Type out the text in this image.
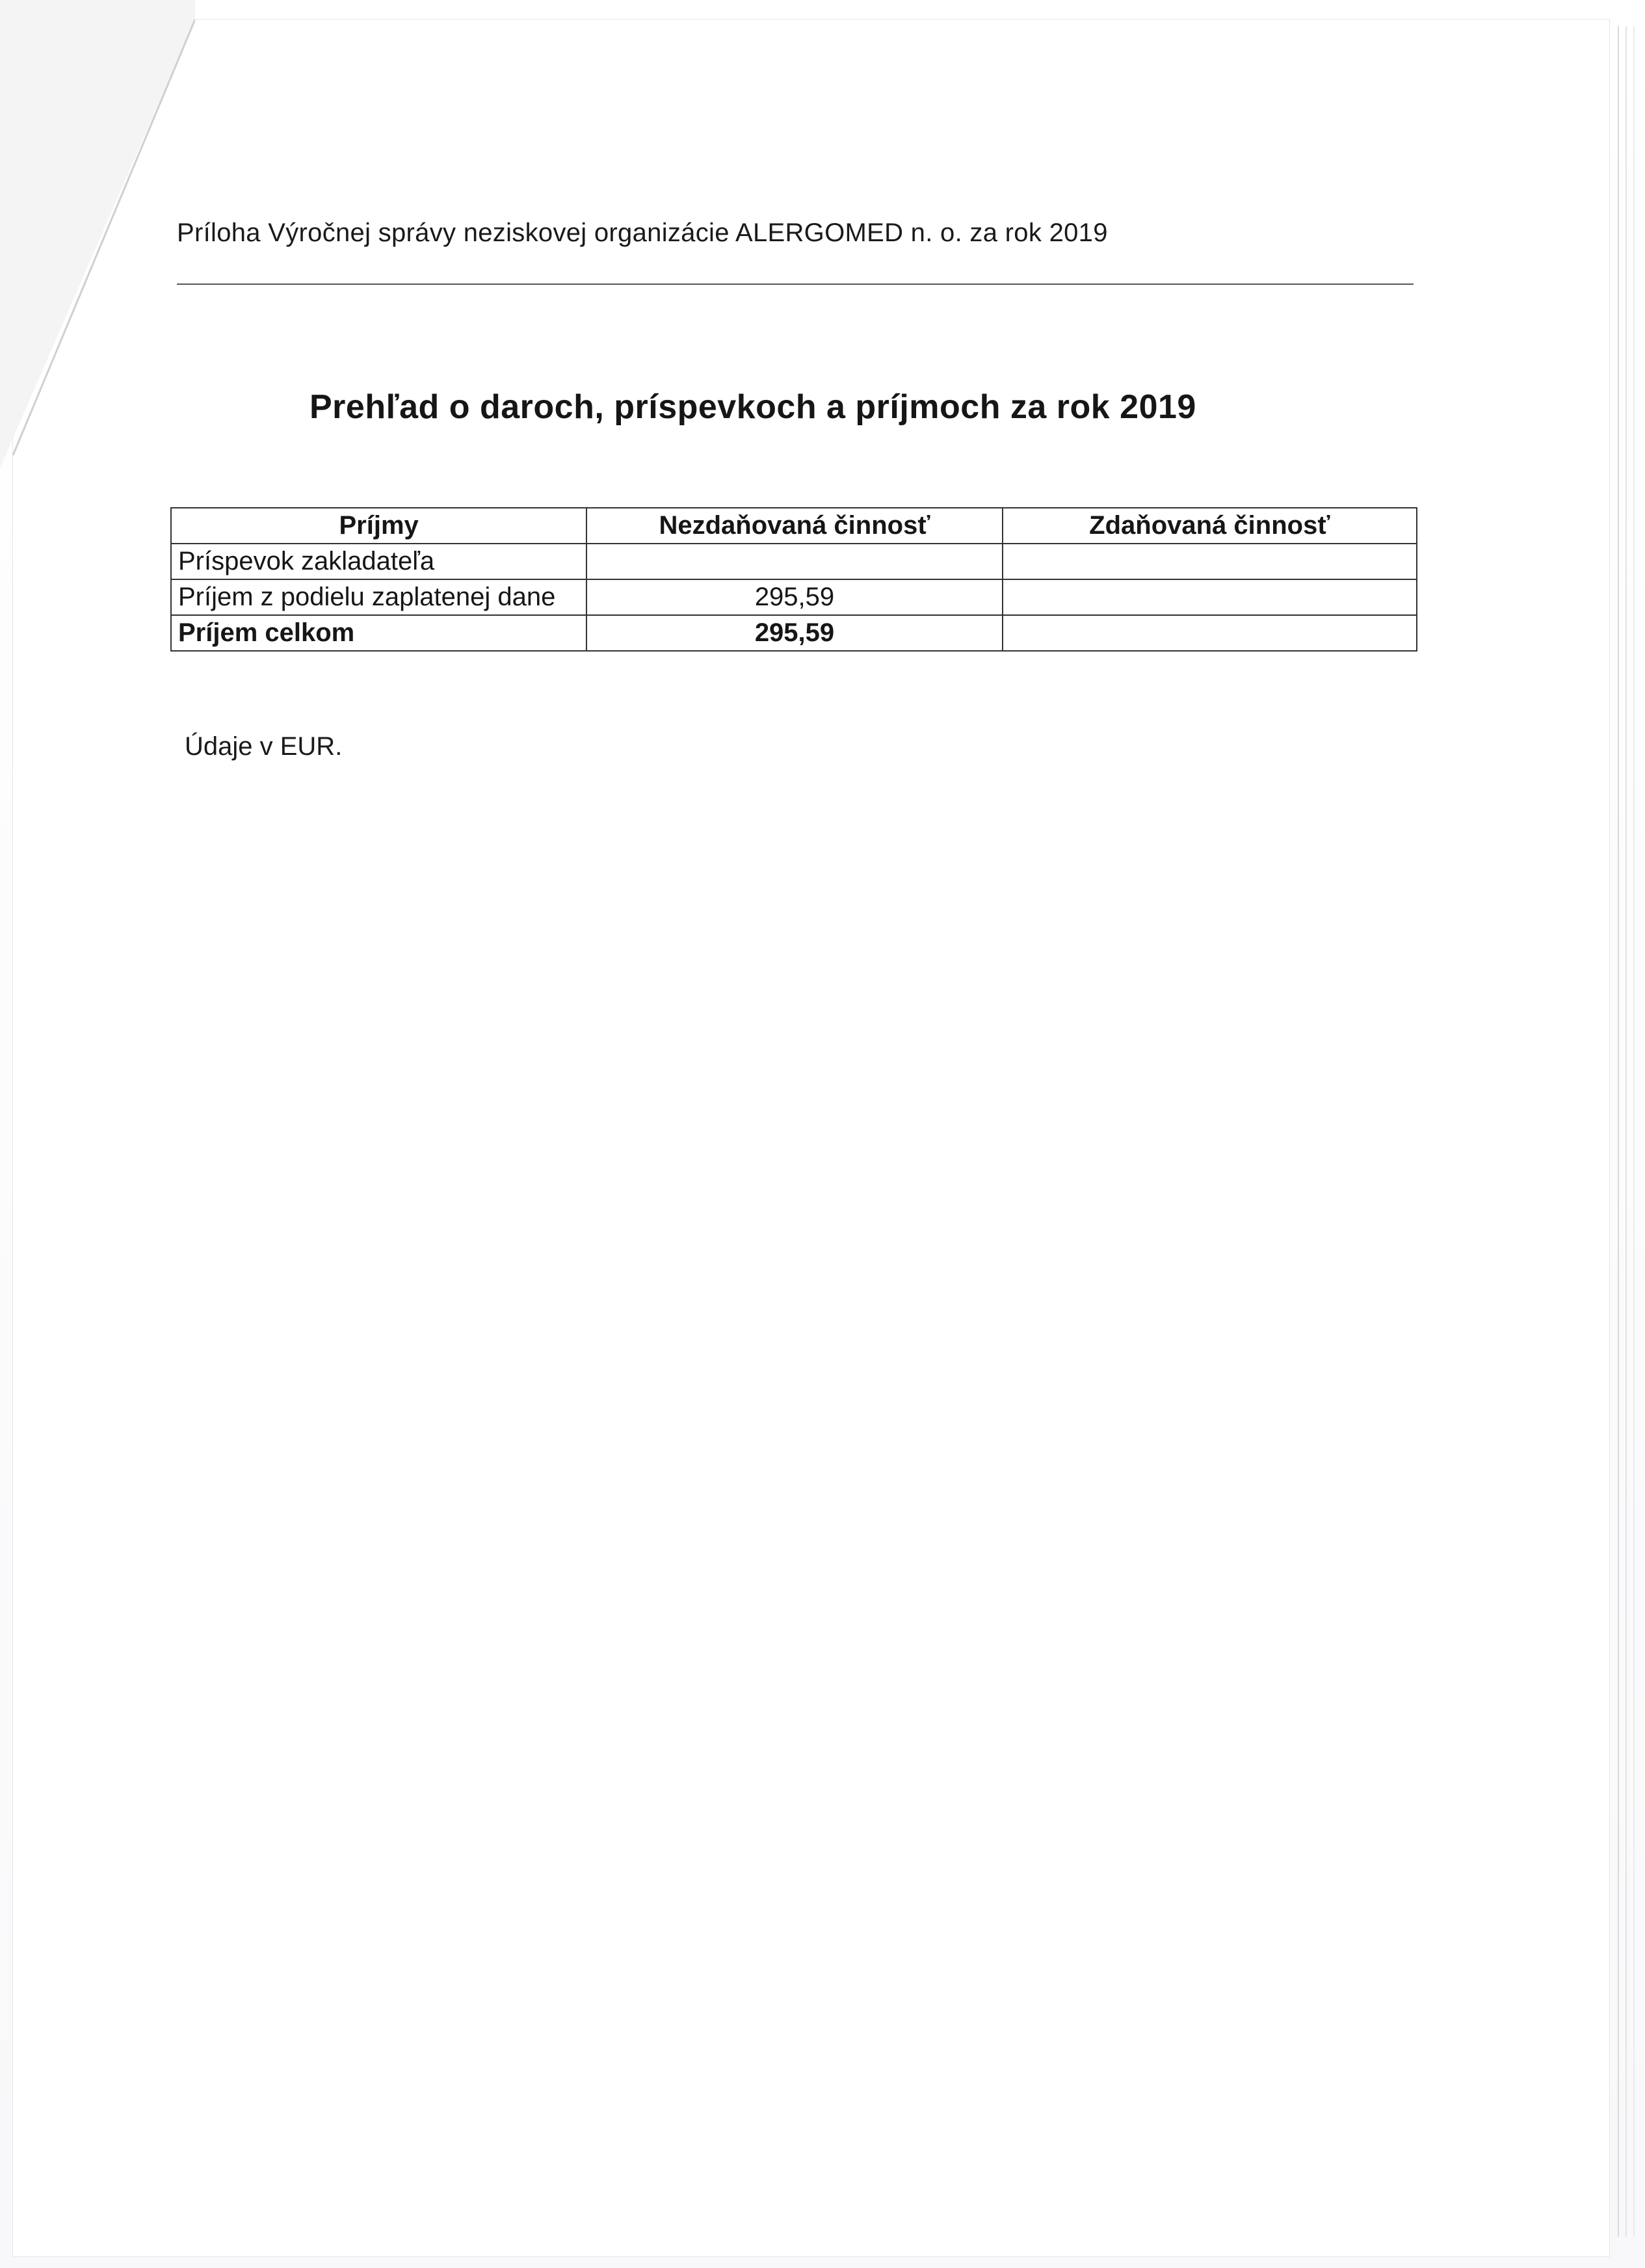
Príloha Výročnej správy neziskovej organizácie ALERGOMED n. o. za rok 2019
Prehľad o daroch, príspevkoch a príjmoch za rok 2019
Príjmy	Nezdaňovaná činnosť	Zdaňovaná činnosť
Príspevok zakladateľa		
Príjem z podielu zaplatenej dane	295,59	
Príjem celkom	295,59	
Údaje v EUR.
